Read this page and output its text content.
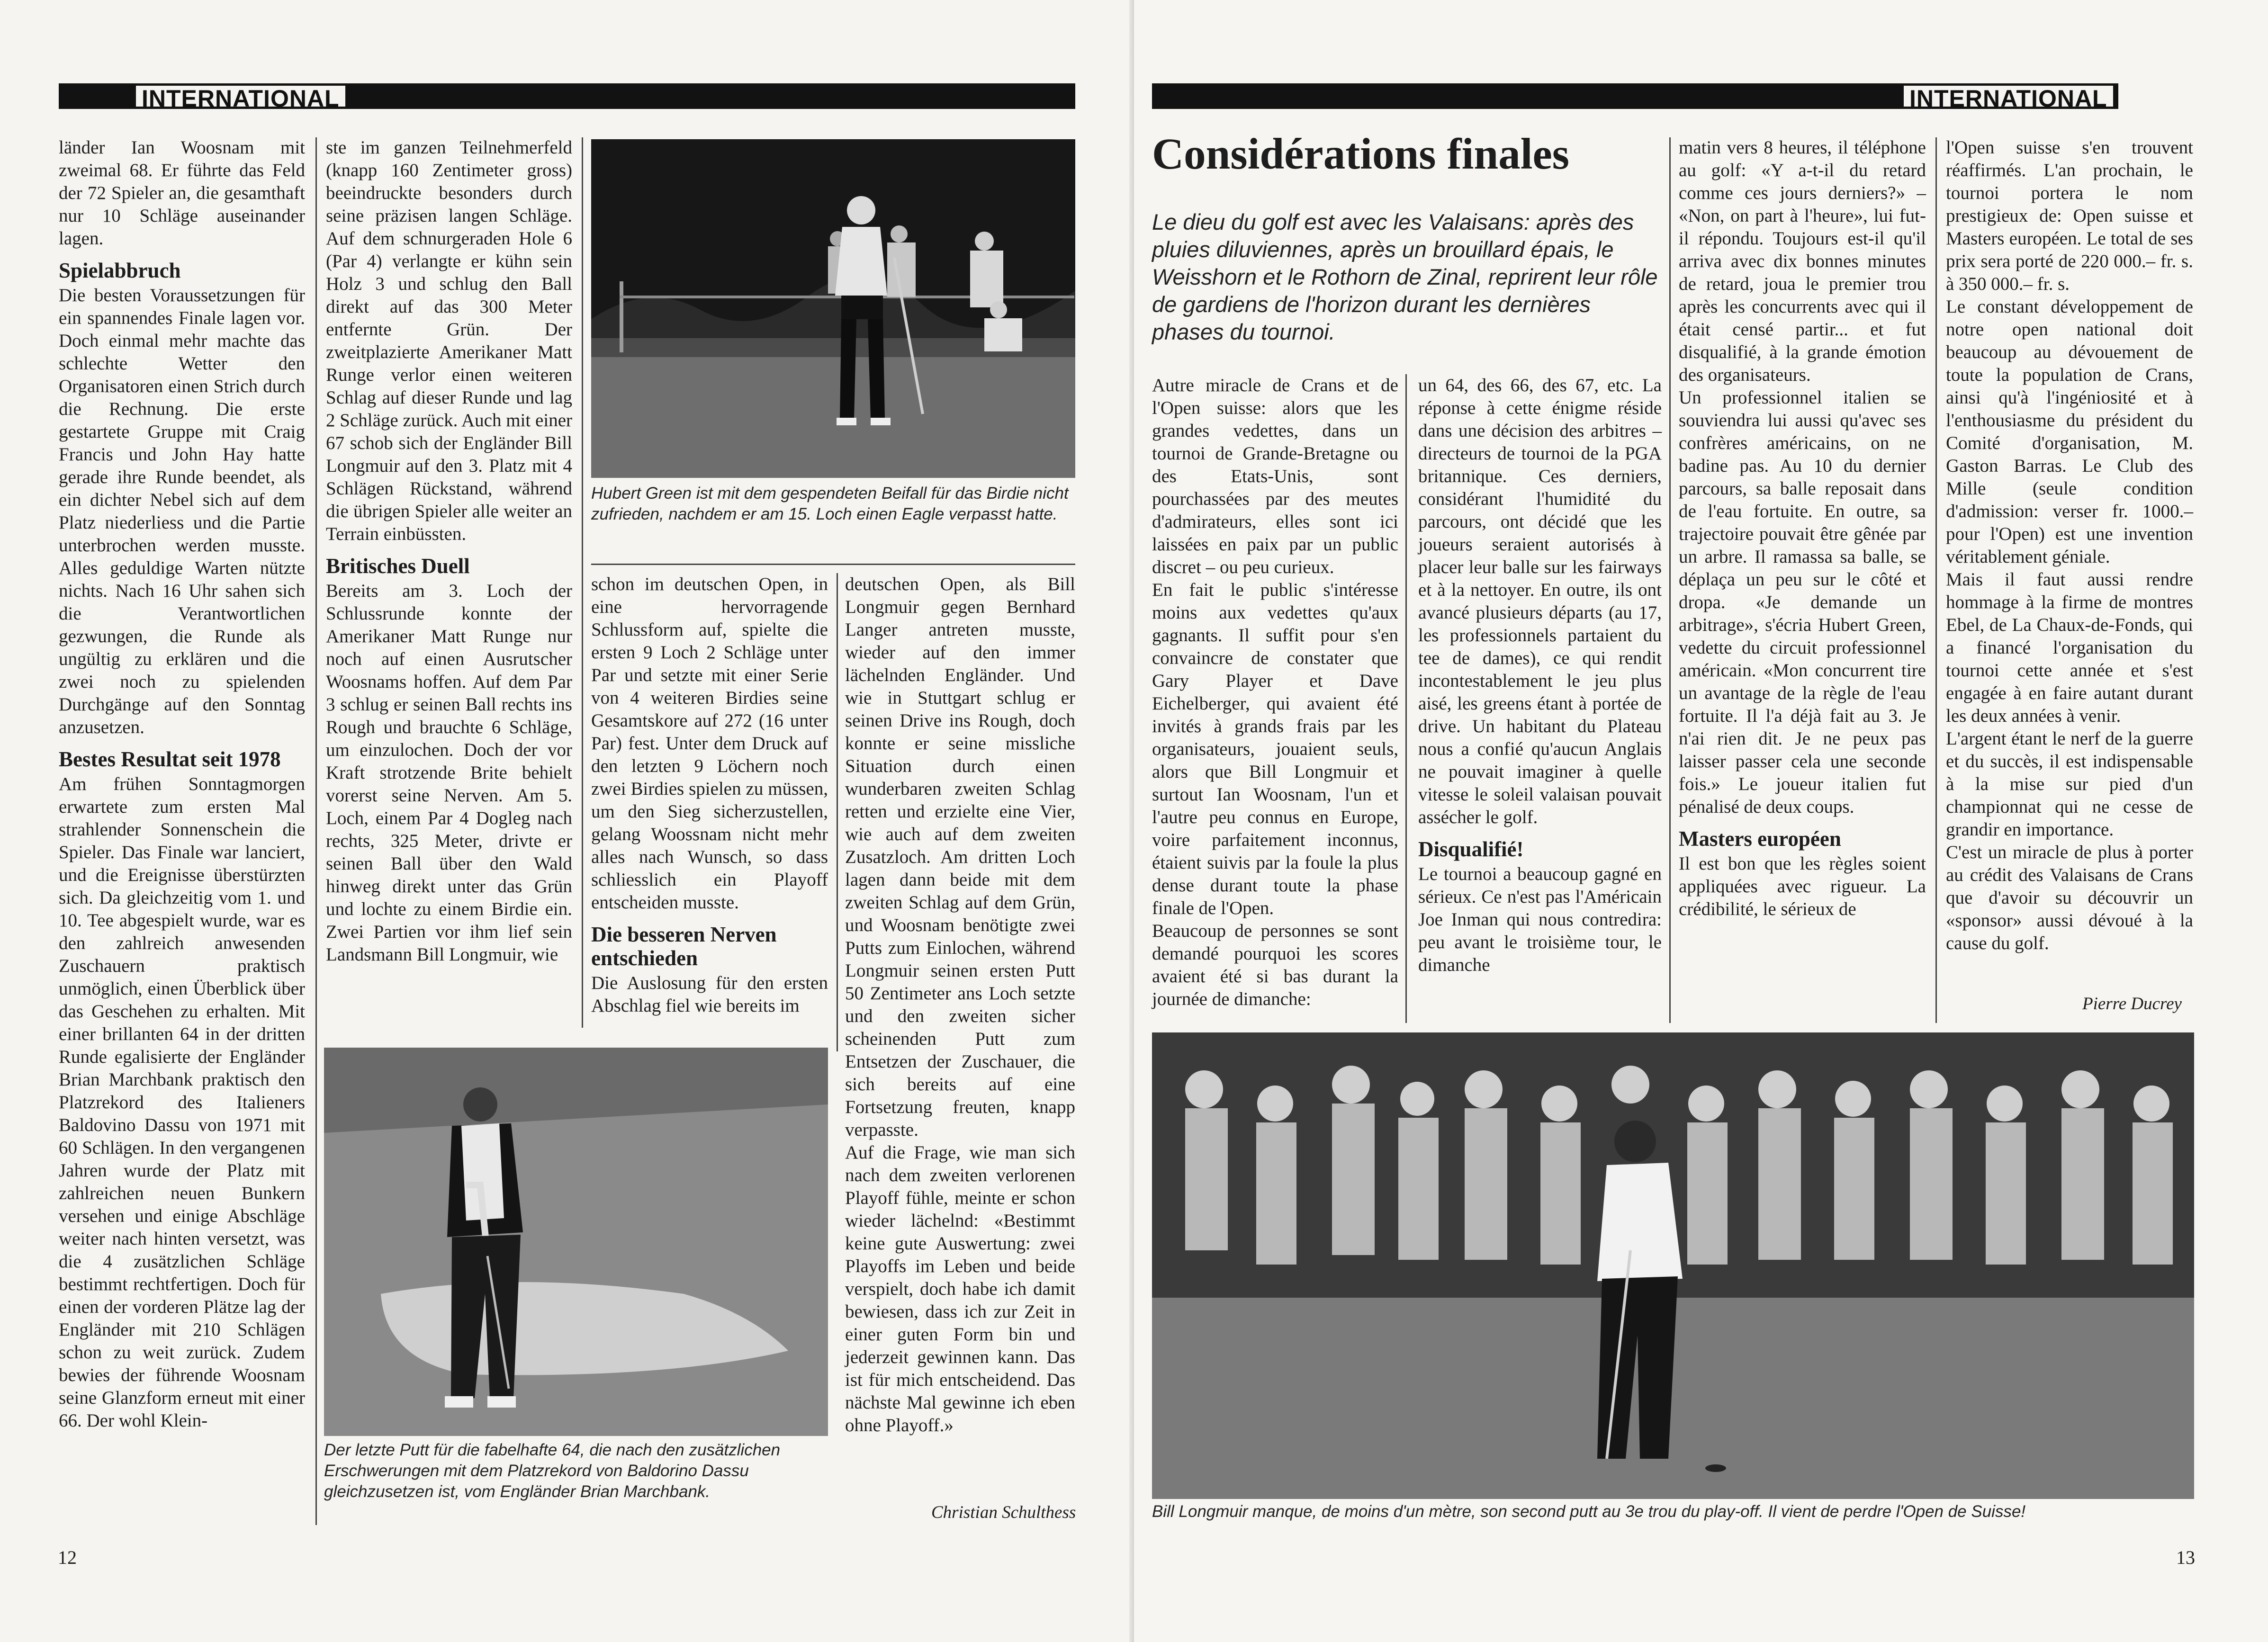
INTERNATIONAL

länder Ian Woosnam mit zweimal 68. Er führte das Feld der 72 Spieler an, die gesamthaft nur 10 Schläge auseinander lagen.

Spielabbruch

Die besten Voraussetzungen für ein spannendes Finale lagen vor. Doch einmal mehr machte das schlechte Wetter den Organisatoren einen Strich durch die Rechnung. Die erste gestartete Gruppe mit Craig Francis und John Hay hatte gerade ihre Runde beendet, als ein dichter Nebel sich auf dem Platz niederliess und die Partie unterbrochen werden musste. Alles geduldige Warten nützte nichts. Nach 16 Uhr sahen sich die Verantwortlichen gezwungen, die Runde als ungültig zu erklären und die zwei noch zu spielenden Durchgänge auf den Sonntag anzusetzen.

Bestes Resultat seit 1978

Am frühen Sonntagmorgen erwartete zum ersten Mal strahlender Sonnenschein die Spieler. Das Finale war lanciert, und die Ereignisse überstürzten sich. Da gleichzeitig vom 1. und 10. Tee abgespielt wurde, war es den zahlreich anwesenden Zuschauern praktisch unmöglich, einen Überblick über das Geschehen zu erhalten. Mit einer brillanten 64 in der dritten Runde egalisierte der Engländer Brian Marchbank praktisch den Platzrekord des Italieners Baldovino Dassu von 1971 mit 60 Schlägen. In den vergangenen Jahren wurde der Platz mit zahlreichen neuen Bunkern versehen und einige Abschläge weiter nach hinten versetzt, was die 4 zusätzlichen Schläge bestimmt rechtfertigen. Doch für einen der vorderen Plätze lag der Engländer mit 210 Schlägen schon zu weit zurück. Zudem bewies der führende Woosnam seine Glanzform erneut mit einer 66. Der wohl Klein-

ste im ganzen Teilnehmerfeld (knapp 160 Zentimeter gross) beeindruckte besonders durch seine präzisen langen Schläge. Auf dem schnurgeraden Hole 6 (Par 4) verlangte er kühn sein Holz 3 und schlug den Ball direkt auf das 300 Meter entfernte Grün. Der zweitplazierte Amerikaner Matt Runge verlor einen weiteren Schlag auf dieser Runde und lag 2 Schläge zurück. Auch mit einer 67 schob sich der Engländer Bill Longmuir auf den 3. Platz mit 4 Schlägen Rückstand, während die übrigen Spieler alle weiter an Terrain einbüssten.

Britisches Duell

Bereits am 3. Loch der Schlussrunde konnte der Amerikaner Matt Runge nur noch auf einen Ausrutscher Woosnams hoffen. Auf dem Par 3 schlug er seinen Ball rechts ins Rough und brauchte 6 Schläge, um einzulochen. Doch der vor Kraft strotzende Brite behielt vorerst seine Nerven. Am 5. Loch, einem Par 4 Dogleg nach rechts, 325 Meter, drivte er seinen Ball über den Wald hinweg direkt unter das Grün und lochte zu einem Birdie ein. Zwei Partien vor ihm lief sein Landsmann Bill Longmuir, wie

Hubert Green ist mit dem gespendeten Beifall für das Birdie nicht zufrieden, nachdem er am 15. Loch einen Eagle verpasst hatte.

schon im deutschen Open, in eine hervorragende Schlussform auf, spielte die ersten 9 Loch 2 Schläge unter Par und setzte mit einer Serie von 4 weiteren Birdies seine Gesamtskore auf 272 (16 unter Par) fest. Unter dem Druck auf den letzten 9 Löchern noch zwei Birdies spielen zu müssen, um den Sieg sicherzustellen, gelang Woossnam nicht mehr alles nach Wunsch, so dass schliesslich ein Playoff entscheiden musste.

Die besseren Nerven entschieden

Die Auslosung für den ersten Abschlag fiel wie bereits im

deutschen Open, als Bill Longmuir gegen Bernhard Langer antreten musste, wieder auf den immer lächelnden Engländer. Und wie in Stuttgart schlug er seinen Drive ins Rough, doch konnte er seine missliche Situation durch einen wunderbaren zweiten Schlag retten und erzielte eine Vier, wie auch auf dem zweiten Zusatzloch. Am dritten Loch lagen dann beide mit dem zweiten Schlag auf dem Grün, und Woosnam benötigte zwei Putts zum Einlochen, während Longmuir seinen ersten Putt 50 Zentimeter ans Loch setzte und den zweiten sicher scheinenden Putt zum Entsetzen der Zuschauer, die sich bereits auf eine Fortsetzung freuten, knapp verpasste.

Auf die Frage, wie man sich nach dem zweiten verlorenen Playoff fühle, meinte er schon wieder lächelnd: «Bestimmt keine gute Auswertung: zwei Playoffs im Leben und beide verspielt, doch habe ich damit bewiesen, dass ich zur Zeit in einer guten Form bin und jederzeit gewinnen kann. Das ist für mich entscheidend. Das nächste Mal gewinne ich eben ohne Playoff.»

Der letzte Putt für die fabelhafte 64, die nach den zusätzlichen Erschwerungen mit dem Platzrekord von Baldorino Dassu gleichzusetzen ist, vom Engländer Brian Marchbank.
Christian Schulthess
12
INTERNATIONAL
Considérations finales
Le dieu du golf est avec les Valaisans: après des pluies diluviennes, après un brouillard épais, le Weisshorn et le Rothorn de Zinal, reprirent leur rôle de gardiens de l'horizon durant les dernières phases du tournoi.

Autre miracle de Crans et de l'Open suisse: alors que les grandes vedettes, dans un tournoi de Grande-Bretagne ou des Etats-Unis, sont pourchassées par des meutes d'admirateurs, elles sont ici laissées en paix par un public discret – ou peu curieux.

En fait le public s'intéresse moins aux vedettes qu'aux gagnants. Il suffit pour s'en convaincre de constater que Gary Player et Dave Eichelberger, qui avaient été invités à grands frais par les organisateurs, jouaient seuls, alors que Bill Longmuir et surtout Ian Woosnam, l'un et l'autre peu connus en Europe, voire parfaitement inconnus, étaient suivis par la foule la plus dense durant toute la phase finale de l'Open.

Beaucoup de personnes se sont demandé pourquoi les scores avaient été si bas durant la journée de dimanche:

un 64, des 66, des 67, etc. La réponse à cette énigme réside dans une décision des arbitres – directeurs de tournoi de la PGA britannique. Ces derniers, considérant l'humidité du parcours, ont décidé que les joueurs seraient autorisés à placer leur balle sur les fairways et à la nettoyer. En outre, ils ont avancé plusieurs départs (au 17, les professionnels partaient du tee de dames), ce qui rendit incontestablement le jeu plus aisé, les greens étant à portée de drive. Un habitant du Plateau nous a confié qu'aucun Anglais ne pouvait imaginer à quelle vitesse le soleil valaisan pouvait assécher le golf.

Disqualifié!

Le tournoi a beaucoup gagné en sérieux. Ce n'est pas l'Américain Joe Inman qui nous contredira: peu avant le troisième tour, le dimanche

matin vers 8 heures, il téléphone au golf: «Y a-t-il du retard comme ces jours derniers?» – «Non, on part à l'heure», lui fut-il répondu. Toujours est-il qu'il arriva avec dix bonnes minutes de retard, joua le premier trou après les concurrents avec qui il était censé partir... et fut disqualifié, à la grande émotion des organisateurs.

Un professionnel italien se souviendra lui aussi qu'avec ses confrères américains, on ne badine pas. Au 10 du dernier parcours, sa balle reposait dans de l'eau fortuite. En outre, sa trajectoire pouvait être gênée par un arbre. Il ramassa sa balle, se déplaça un peu sur le côté et dropa. «Je demande un arbitrage», s'écria Hubert Green, vedette du circuit professionnel américain. «Mon concurrent tire un avantage de la règle de l'eau fortuite. Il l'a déjà fait au 3. Je n'ai rien dit. Je ne peux pas laisser passer cela une seconde fois.» Le joueur italien fut pénalisé de deux coups.

Masters européen

Il est bon que les règles soient appliquées avec rigueur. La crédibilité, le sérieux de

l'Open suisse s'en trouvent réaffirmés. L'an prochain, le tournoi portera le nom prestigieux de: Open suisse et Masters européen. Le total de ses prix sera porté de 220 000.– fr. s. à 350 000.– fr. s.

Le constant développement de notre open national doit beaucoup au dévouement de toute la population de Crans, ainsi qu'à l'ingéniosité et à l'enthousiasme du président du Comité d'organisation, M. Gaston Barras. Le Club des Mille (seule condition d'admission: verser fr. 1000.– pour l'Open) est une invention véritablement géniale.

Mais il faut aussi rendre hommage à la firme de montres Ebel, de La Chaux-de-Fonds, qui a financé l'organisation du tournoi cette année et s'est engagée à en faire autant durant les deux années à venir.

L'argent étant le nerf de la guerre et du succès, il est indispensable à la mise sur pied d'un championnat qui ne cesse de grandir en importance.

C'est un miracle de plus à porter au crédit des Valaisans de Crans que d'avoir su découvrir un «sponsor» aussi dévoué à la cause du golf.

Pierre Ducrey
Bill Longmuir manque, de moins d'un mètre, son second putt au 3e trou du play-off. Il vient de perdre l'Open de Suisse!
13
